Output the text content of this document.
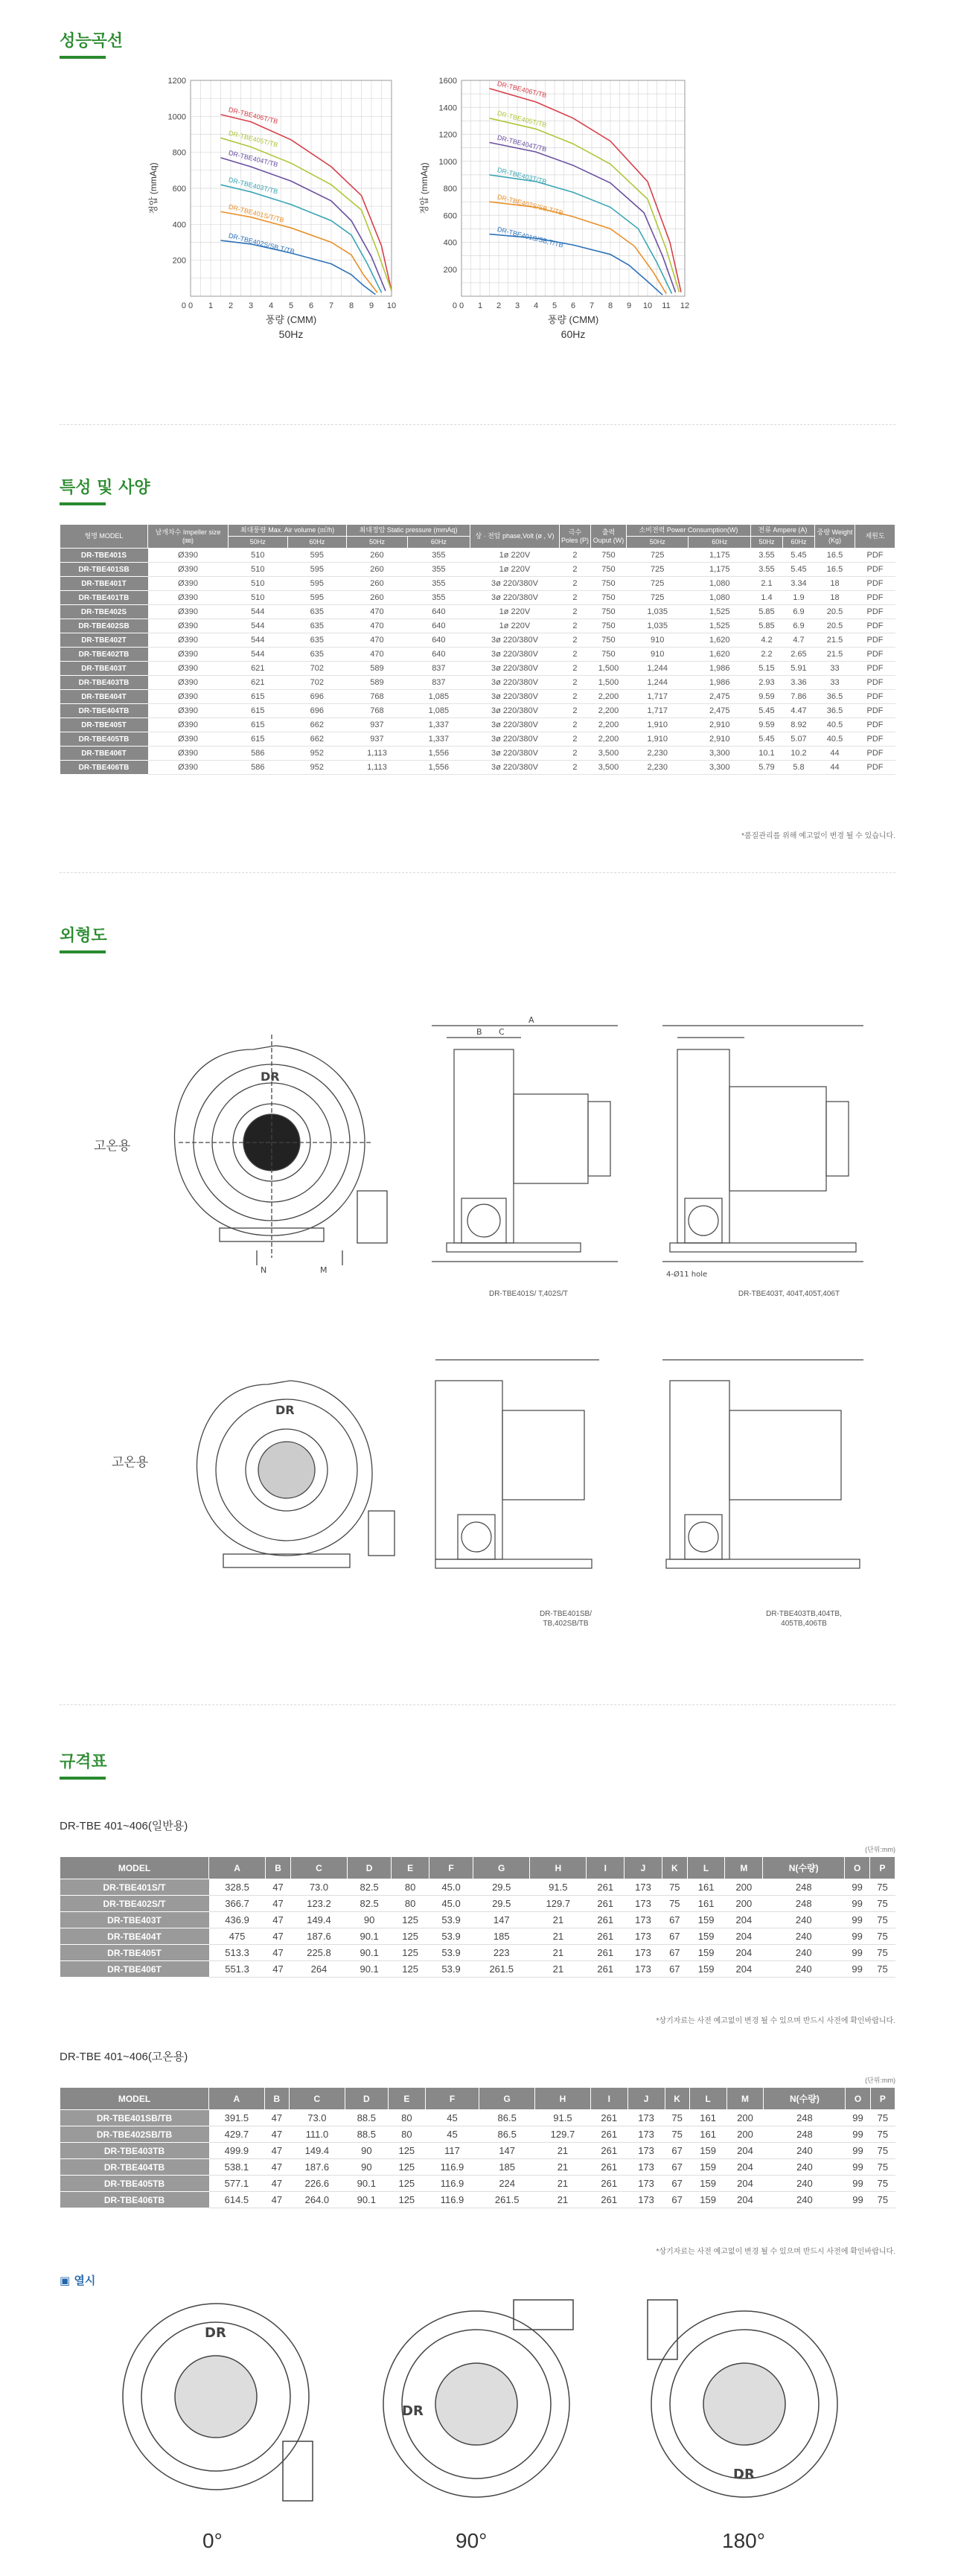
성능곡선
0 1 2 3 4 5 6 7 8 9 10
200
400
600
800
1000
1200
0
DR-TBE406T/TB
DR-TBE405T/TB
DR-TBE404T/TB
DR-TBE403T/TB
DR-TBE401S/T/TB
DR-TBE402S/SB,T/TB
풍량 (CMM)
50Hz
정압 (mmAq)
0 1 2 3 4 5 6 7 8 9 10 11 12
200
400
600
800
1000
1200
1400
1600
0
DR-TBE406T/TB
DR-TBE405T/TB
DR-TBE404T/TB
DR-TBE403T/TB
DR-TBE402S/SB,T/TB
DR-TBE401S/SB,T/TB
풍량 (CMM)
60Hz
정압 (mmAq)
특성 및 사양
형명 MODEL	날개차수 Impeller size (㎜)	최대풍량 Max. Air volume (㎥/h)		최대정압 Static pressure (mmAq)		상 · 전압 phase,Volt (ø , V)	극수 Poles (P)	출력 Ouput (W)	소비전력 Power Consumption(W)		전류 Ampere (A)		중량 Weight (Kg)	제원도
		50Hz	60Hz	50Hz	60Hz				50Hz	60Hz	50Hz	60Hz		
DR-TBE401S	Ø390	510	595	260	355	1ø 220V	2	750	725	1,175	3.55	5.45	16.5	PDF
DR-TBE401SB	Ø390	510	595	260	355	1ø 220V	2	750	725	1,175	3.55	5.45	16.5	PDF
DR-TBE401T	Ø390	510	595	260	355	3ø 220/380V	2	750	725	1,080	2.1	3.34	18	PDF
DR-TBE401TB	Ø390	510	595	260	355	3ø 220/380V	2	750	725	1,080	1.4	1.9	18	PDF
DR-TBE402S	Ø390	544	635	470	640	1ø 220V	2	750	1,035	1,525	5.85	6.9	20.5	PDF
DR-TBE402SB	Ø390	544	635	470	640	1ø 220V	2	750	1,035	1,525	5.85	6.9	20.5	PDF
DR-TBE402T	Ø390	544	635	470	640	3ø 220/380V	2	750	910	1,620	4.2	4.7	21.5	PDF
DR-TBE402TB	Ø390	544	635	470	640	3ø 220/380V	2	750	910	1,620	2.2	2.65	21.5	PDF
DR-TBE403T	Ø390	621	702	589	837	3ø 220/380V	2	1,500	1,244	1,986	5.15	5.91	33	PDF
DR-TBE403TB	Ø390	621	702	589	837	3ø 220/380V	2	1,500	1,244	1,986	2.93	3.36	33	PDF
DR-TBE404T	Ø390	615	696	768	1,085	3ø 220/380V	2	2,200	1,717	2,475	9.59	7.86	36.5	PDF
DR-TBE404TB	Ø390	615	696	768	1,085	3ø 220/380V	2	2,200	1,717	2,475	5.45	4.47	36.5	PDF
DR-TBE405T	Ø390	615	662	937	1,337	3ø 220/380V	2	2,200	1,910	2,910	9.59	8.92	40.5	PDF
DR-TBE405TB	Ø390	615	662	937	1,337	3ø 220/380V	2	2,200	1,910	2,910	5.45	5.07	40.5	PDF
DR-TBE406T	Ø390	586	952	1,113	1,556	3ø 220/380V	2	3,500	2,230	3,300	10.1	10.2	44	PDF
DR-TBE406TB	Ø390	586	952	1,113	1,556	3ø 220/380V	2	3,500	2,230	3,300	5.79	5.8	44	PDF
*품질관리를 위해 예고없이 변경 될 수 있습니다.
외형도
고온용
고온용
DR
N	M
A
B C
DR-TBE401S/ T,402S/T
4-Ø11 hole
DR-TBE403T, 404T,405T,406T
DR
DR-TBE401SB/ TB,402SB/TB
DR-TBE403TB,404TB, 405TB,406TB
규격표
DR-TBE 401~406(일반용)
(단위:mm)
MODEL	A	B	C	D	E	F	G	H	I	J	K	L	M	N(수량)	O	P
DR-TBE401S/T	328.5	47	73.0	82.5	80	45.0	29.5	91.5	261	173	75	161	200	248	99	75
DR-TBE402S/T	366.7	47	123.2	82.5	80	45.0	29.5	129.7	261	173	75	161	200	248	99	75
DR-TBE403T	436.9	47	149.4	90	125	53.9	147	21	261	173	67	159	204	240	99	75
DR-TBE404T	475	47	187.6	90.1	125	53.9	185	21	261	173	67	159	204	240	99	75
DR-TBE405T	513.3	47	225.8	90.1	125	53.9	223	21	261	173	67	159	204	240	99	75
DR-TBE406T	551.3	47	264	90.1	125	53.9	261.5	21	261	173	67	159	204	240	99	75
*상기자료는 사전 예고없이 변경 될 수 있으며 반드시 사전에 확인바랍니다.
DR-TBE 401~406(고온용)
(단위:mm)
MODEL	A	B	C	D	E	F	G	H	I	J	K	L	M	N(수량)	O	P
DR-TBE401SB/TB	391.5	47	73.0	88.5	80	45	86.5	91.5	261	173	75	161	200	248	99	75
DR-TBE402SB/TB	429.7	47	111.0	88.5	80	45	86.5	129.7	261	173	75	161	200	248	99	75
DR-TBE403TB	499.9	47	149.4	90	125	117	147	21	261	173	67	159	204	240	99	75
DR-TBE404TB	538.1	47	187.6	90	125	116.9	185	21	261	173	67	159	204	240	99	75
DR-TBE405TB	577.1	47	226.6	90.1	125	116.9	224	21	261	173	67	159	204	240	99	75
DR-TBE406TB	614.5	47	264.0	90.1	125	116.9	261.5	21	261	173	67	159	204	240	99	75
*상기자료는 사전 예고없이 변경 될 수 있으며 반드시 사전에 확인바랍니다.
▣ 열시
DR
DR
DR
0°	90°	180°
